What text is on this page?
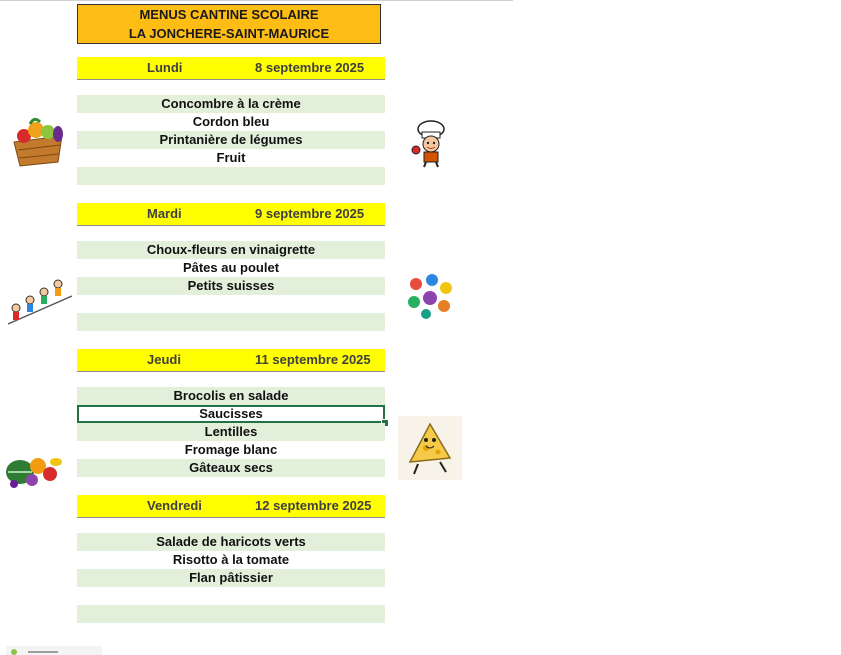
MENUS CANTINE SCOLAIRE
LA JONCHERE-SAINT-MAURICE
Lundi	8 septembre 2025
Concombre à la crème
Cordon bleu
Printanière de légumes
Fruit
Mardi	9 septembre 2025
Choux-fleurs en vinaigrette
Pâtes au poulet
Petits suisses
Jeudi	11 septembre 2025
Brocolis en salade
Saucisses
Lentilles
Fromage blanc
Gâteaux secs
Vendredi	12 septembre 2025
Salade de haricots verts
Risotto à la tomate
Flan pâtissier
